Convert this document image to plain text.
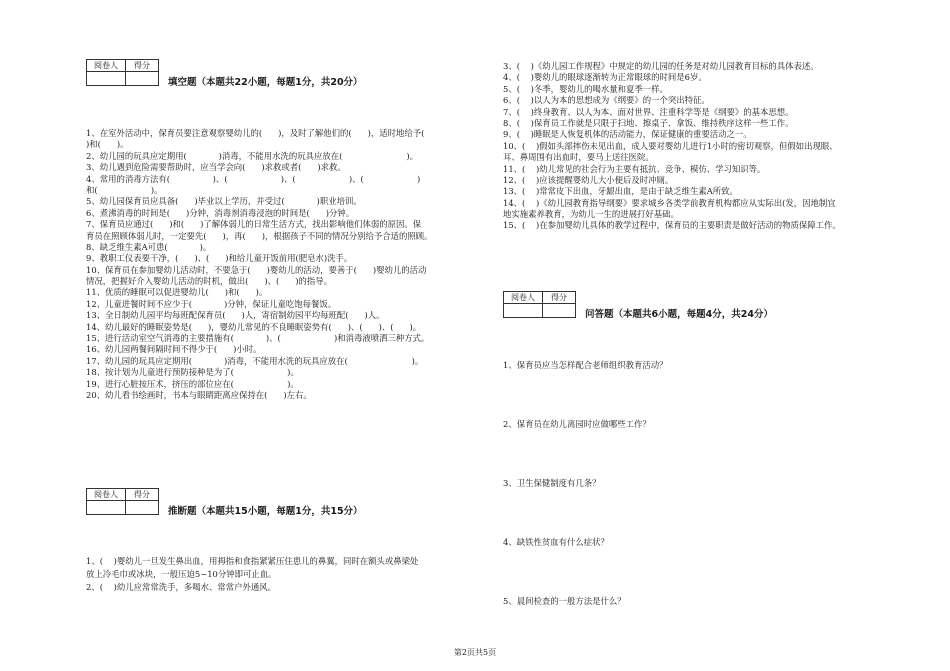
阅卷人	得分

填空题（本题共22小题，每题1分，共20分）
1、在室外活动中，保育员要注意观察婴幼儿的(      )，及时了解他们的(      )，适时地给予(
)和(      )。
2、幼儿园的玩具应定期用(            )消毒，不能用水洗的玩具应放在(                        )。
3、幼儿遇到危险需要帮助时，应当学会向(      )求救或者(      )求救。
4、常用的消毒方法有(                )、(                    )、(                    )、(                    )
和(                    )。
5、幼儿园保育员应具备(      )毕业以上学历，并受过(            )职业培训。
6、煮沸消毒的时间是(      )分钟，消毒剂消毒浸泡的时间是(      )分钟。
7、保育员应通过(      )和(      )了解体弱儿的日常生活方式，找出影响他们体弱的原因。保
育员在照顾体弱儿时，一定要先(      )，再(      )，根据孩子不同的情况分别给予合适的照顾。
8、缺乏维生素A可患(            )。
9、教职工仪表要干净，(      )、(      )和给儿童开饭前用(肥皂水)洗手。
10、保育员在参加婴幼儿活动时，不要急于(      )婴幼儿的活动，要善于(      )婴幼儿的活动
情况，把握好介入婴幼儿活动的时机，做出(      )、(      )的指导。
11、优质的睡眠可以促进婴幼儿(      )和(      )。
12、儿童进餐时间不应少于(            )分钟，保证儿童吃饱每餐饭。
13、全日制幼儿园平均每班配保育员(      )人，寄宿制幼园平均每班配(      )人。
14、幼儿最好的睡眠姿势是(      )，婴幼儿常见的不良睡眠姿势有(      )、(      )、(      )。
15、进行活动室空气消毒的主要措施有(            )、(                    )和消毒液喷洒三种方式。
16、幼儿园两餐间隔时间不得少于(      )小时。
17、幼儿园的玩具应定期用(            )消毒，不能用水洗的玩具应放在(                        )。
18、按计划为儿童进行预防接种是为了(                    )。
19、进行心脏按压术，挤压的部位应在(                    )。
20、幼儿看书绘画时，书本与眼睛距离应保持在(      )左右。
阅卷人	得分

推断题（本题共15小题，每题1分，共15分）
1、(    )婴幼儿一旦发生鼻出血，用拇指和食指紧紧压住患儿的鼻翼，同时在额头或鼻梁处
放上冷毛巾或冰块，一般压迫5~10分钟即可止血。
2、(    )幼儿应常常洗手，多喝水、常常户外通风。
3、(    )《幼儿园工作规程》中规定的幼儿园的任务是对幼儿园教育目标的具体表述。
4、(    )婴幼儿的眼球逐渐转为正常眼球的时间是6岁。
5、(    )冬季，婴幼儿的喝水量和夏季一样。
6、(    )以人为本的思想成为《纲要》的一个突出特征。
7、(    )终身教育、以人为本、面对世界、注重科学等是《纲要》的基本思想。
8、(    )保育员工作就是只限于扫地、擦桌子、拿饭、维持秩序这样一些工作。
9、(    )睡眠是人恢复机体的活动能力，保证健康的重要活动之一。
10、(    )假如头部摔伤未见出血，成人要对婴幼儿进行1小时的密切观察，但假如出现眼、
耳、鼻周围有出血时，要马上送往医院。
11、(    )幼儿常见的社会行为主要有抵抗、竞争、模仿、学习知识等。
12、(    )应该提醒婴幼儿大小便后及时冲厕。
13、(    )常常皮下出血，牙龈出血，是由于缺乏维生素A所致。
14、(    )《幼儿园教育指导纲要》要求城乡各类学前教育机构都应从实际出(发，因地制宜
地实施素养教育，为幼儿一生的进展打好基础。
15、(    )在参加婴幼儿具体的教学过程中，保育员的主要职责是做好活动的物质保障工作。
阅卷人	得分

问答题（本题共6小题，每题4分，共24分）
1、保育员应当怎样配合老师组织教育活动？
2、保育员在幼儿离园时应做哪些工作？
3、卫生保健制度有几条？
4、缺铁性贫血有什么症状？
5、晨间检查的一般方法是什么？
第2页共5页
